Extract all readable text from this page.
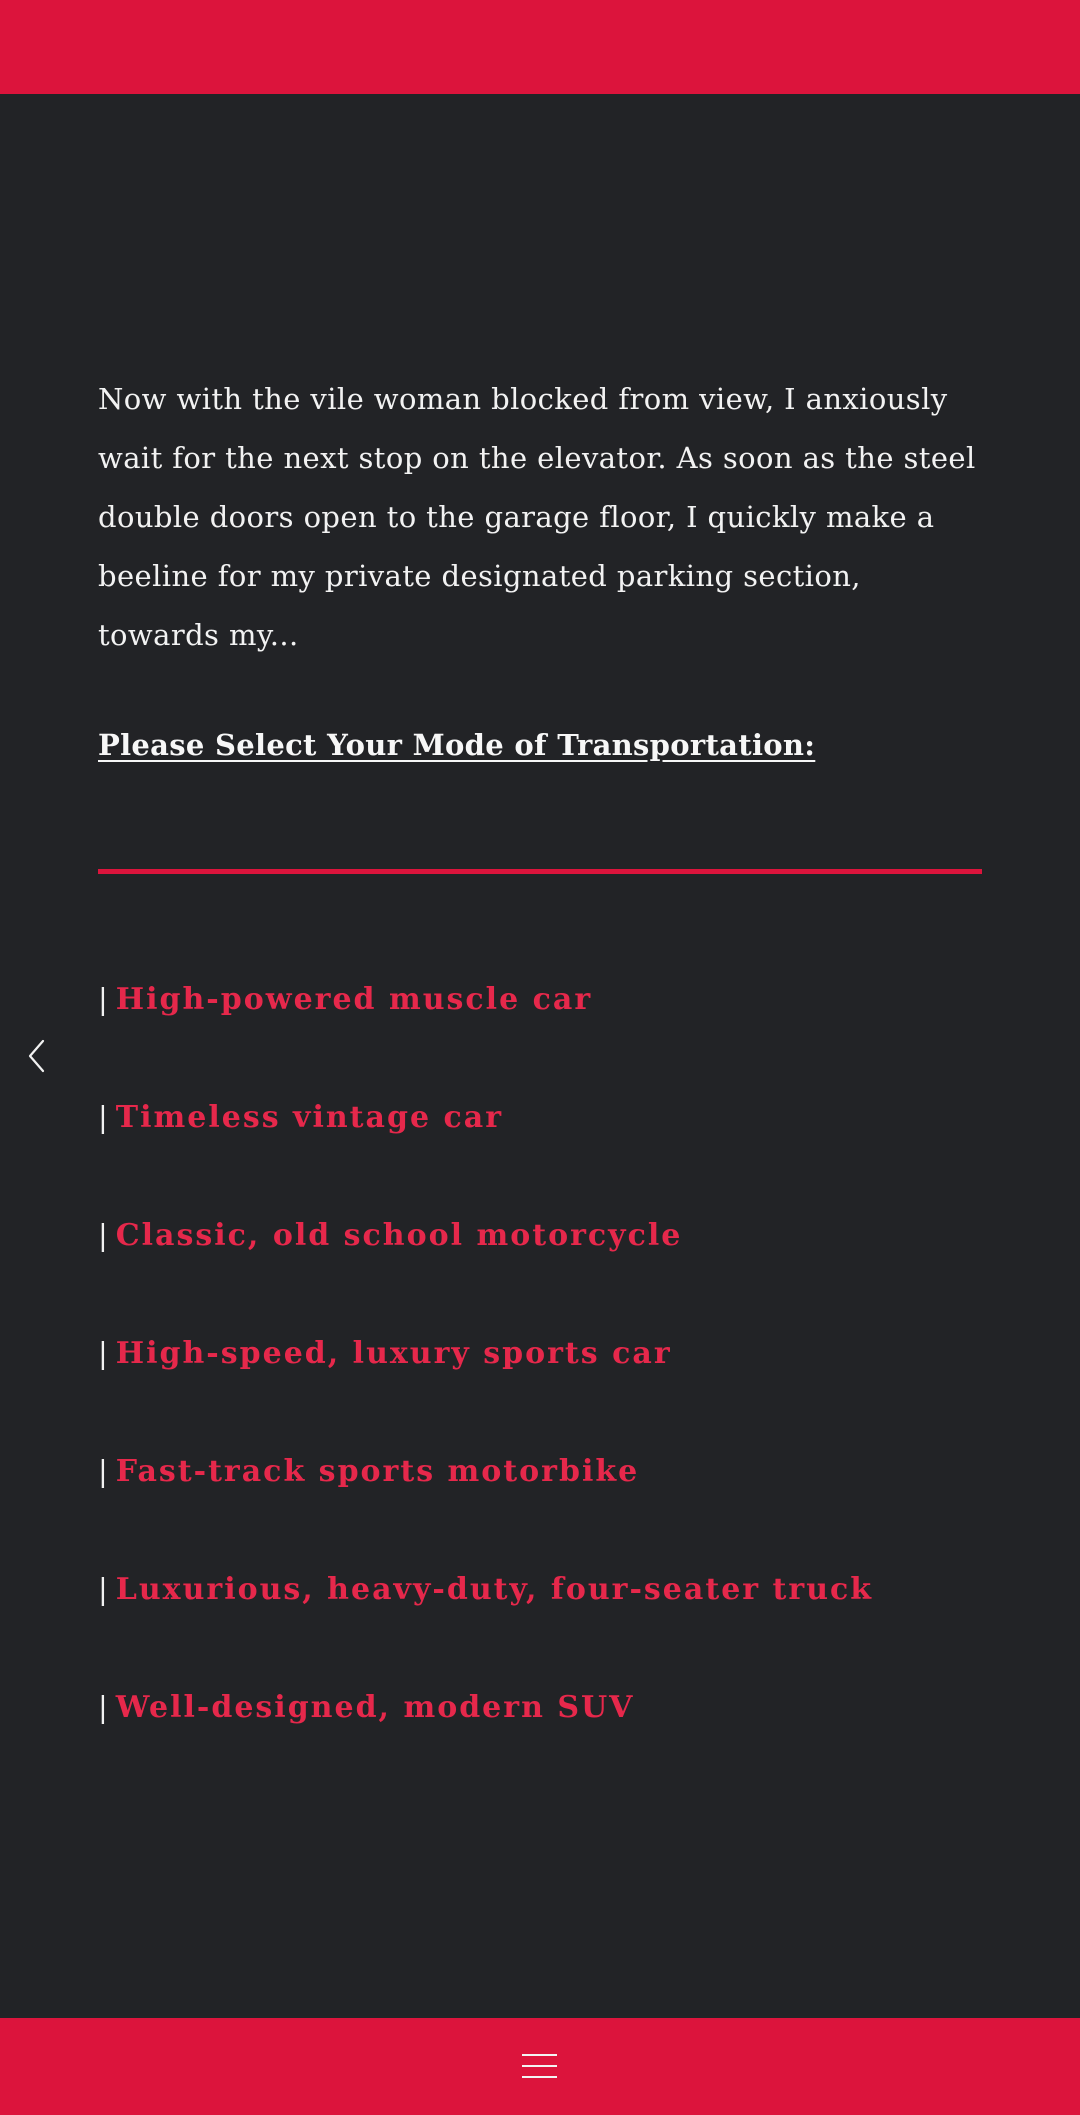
Now with the vile woman blocked from view, I anxiously wait for the next stop on the elevator. As soon as the steel double doors open to the garage floor, I quickly make a beeline for my private designated parking section, towards my...

Please Select Your Mode of Transportation:
| High-powered muscle car
| Timeless vintage car
| Classic, old school motorcycle
| High-speed, luxury sports car
| Fast-track sports motorbike
| Luxurious, heavy-duty, four-seater truck
| Well-designed, modern SUV
